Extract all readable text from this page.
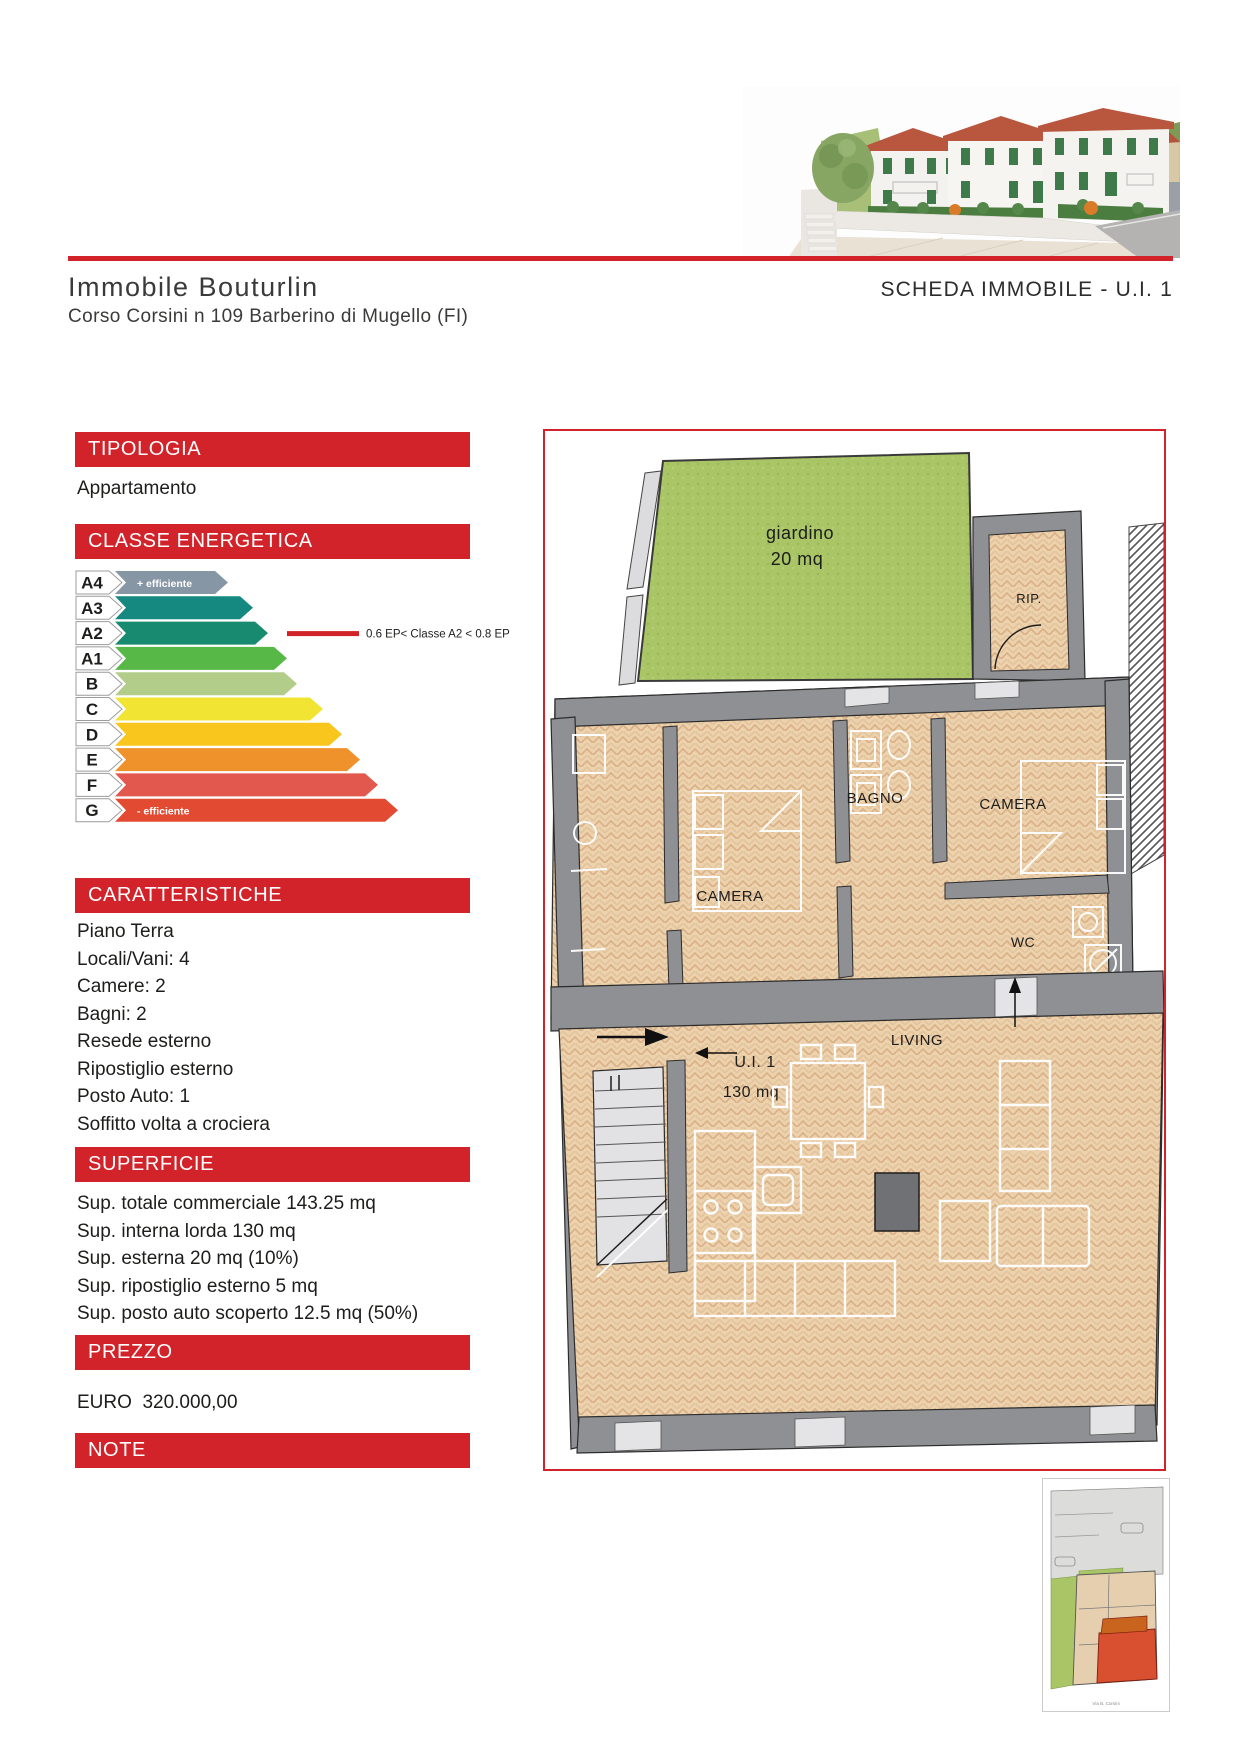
Immobile Bouturlin
Corso Corsini n 109 Barberino di Mugello (FI)
SCHEDA IMMOBILE - U.I. 1
TIPOLOGIA
Appartamento
CLASSE ENERGETICA
A4	+ efficiente
A3
A2	0.6 EP< Classe A2 < 0.8 EP
A1
B
C
D
E
F
G	- efficiente
CARATTERISTICHE
Piano Terra
Locali/Vani: 4
Camere: 2
Bagni: 2
Resede esterno
Ripostiglio esterno
Posto Auto: 1
Soffitto volta a crociera
SUPERFICIE
Sup. totale commerciale 143.25 mq
Sup. interna lorda 130 mq
Sup. esterna 20 mq (10%)
Sup. ripostiglio esterno 5 mq
Sup. posto auto scoperto 12.5 mq (50%)
PREZZO
EURO  320.000,00
NOTE
giardino
20 mq
RIP.
BAGNO	CAMERA
CAMERA
WC
U.I. 1
130 mq
LIVING
Via B. Corsini
